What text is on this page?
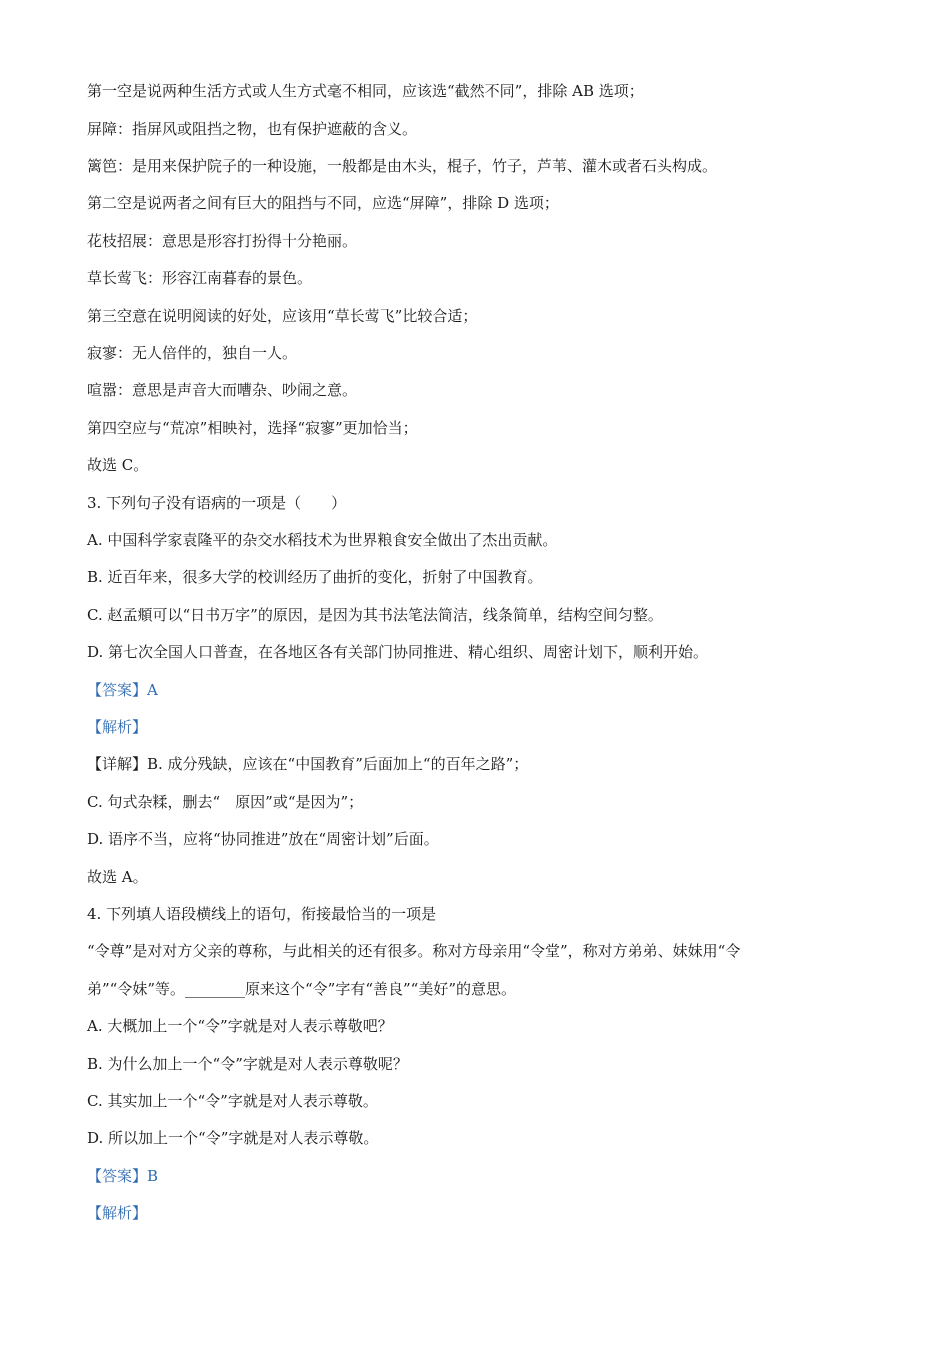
第一空是说两种生活方式或人生方式毫不相同，应该选“截然不同”，排除 AB 选项；
屏障：指屏风或阻挡之物，也有保护遮蔽的含义。
篱笆：是用来保护院子的一种设施，一般都是由木头，棍子，竹子，芦苇、灌木或者石头构成。
第二空是说两者之间有巨大的阻挡与不同，应选“屏障”，排除 D 选项；
花枝招展：意思是形容打扮得十分艳丽。
草长莺飞：形容江南暮春的景色。
第三空意在说明阅读的好处，应该用“草长莺飞”比较合适；
寂寥：无人倍伴的，独自一人。
喧嚣：意思是声音大而嘈杂、吵闹之意。
第四空应与“荒凉”相映衬，选择“寂寥”更加恰当；
故选 C。
3. 下列句子没有语病的一项是（　　）
A. 中国科学家袁隆平的杂交水稻技术为世界粮食安全做出了杰出贡献。
B. 近百年来，很多大学的校训经历了曲折的变化，折射了中国教育。
C. 赵孟頫可以“日书万字”的原因，是因为其书法笔法简洁，线条简单，结构空间匀整。
D. 第七次全国人口普查，在各地区各有关部门协同推进、精心组织、周密计划下，顺利开始。
【答案】A
【解析】
【详解】B. 成分残缺，应该在“中国教育”后面加上“的百年之路”；
C. 句式杂糅，删去“　原因”或“是因为”；
D. 语序不当，应将“协同推进”放在“周密计划”后面。
故选 A。
4. 下列填人语段横线上的语句，衔接最恰当的一项是
“令尊”是对对方父亲的尊称，与此相关的还有很多。称对方母亲用“令堂”，称对方弟弟、妹妹用“令
弟”“令妹”等。________原来这个“令”字有“善良”“美好”的意思。
A. 大概加上一个“令”字就是对人表示尊敬吧？
B. 为什么加上一个“令”字就是对人表示尊敬呢？
C. 其实加上一个“令”字就是对人表示尊敬。
D. 所以加上一个“令”字就是对人表示尊敬。
【答案】B
【解析】
